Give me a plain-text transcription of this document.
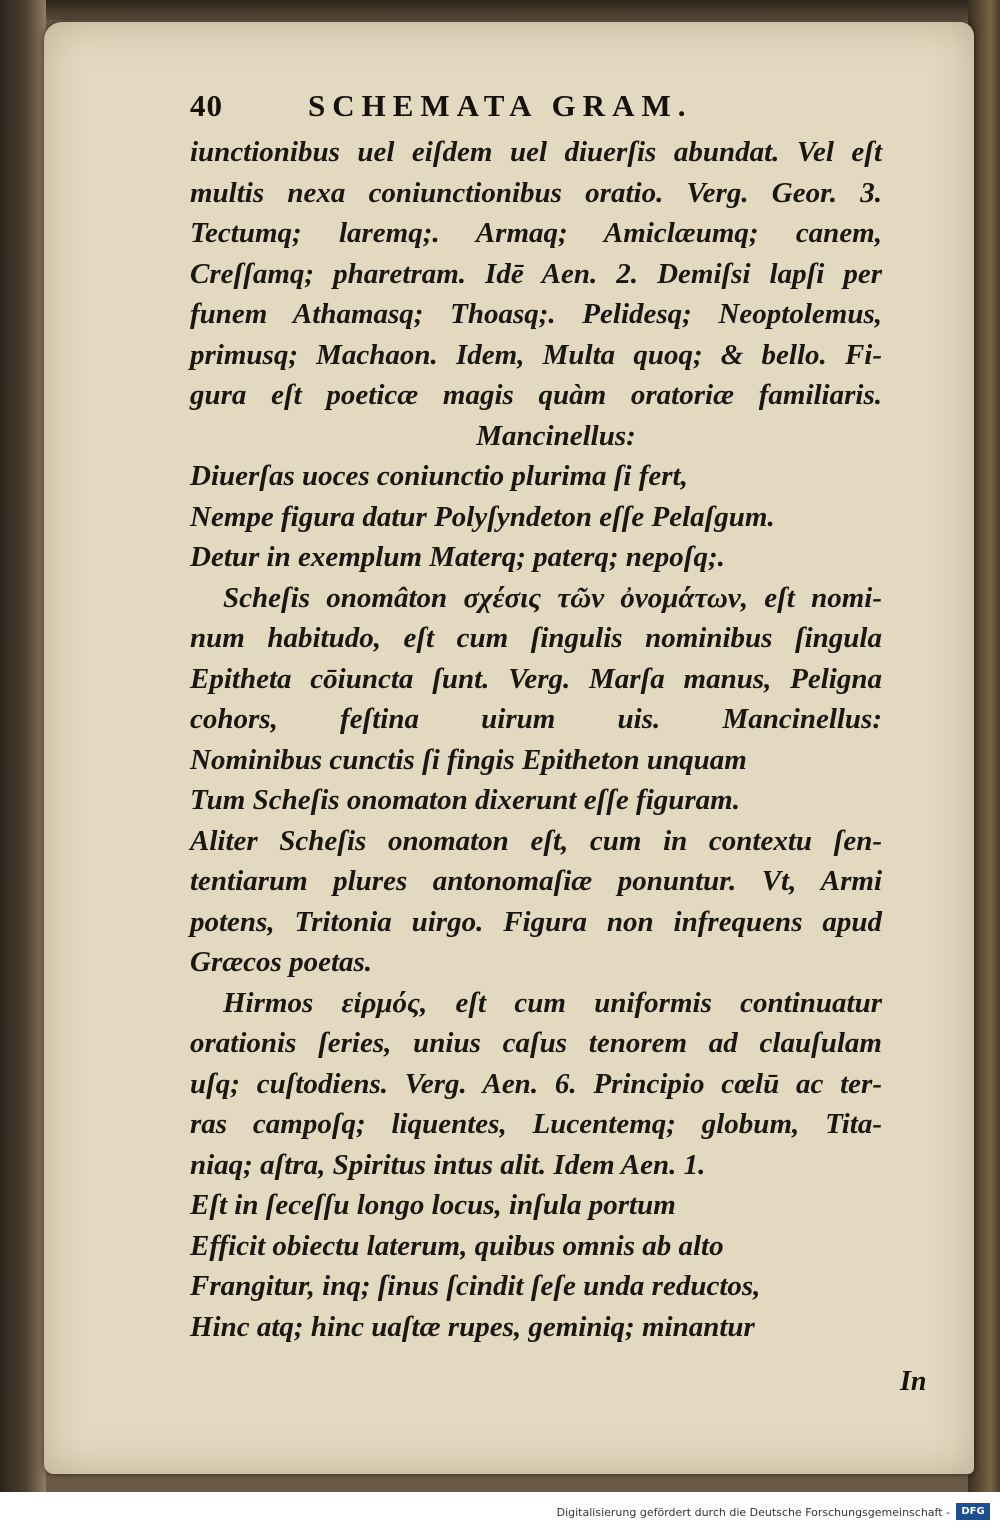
40	SCHEMATA GRAM.
iunctionibus uel eiſdem uel diuerſis abundat. Vel eſt
multis nexa coniunctionibus oratio. Verg. Geor. 3.
Tectumq; laremq;. Armaq; Amiclæumq; canem,
Creſſamq; pharetram. Idē Aen. 2. Demiſsi lapſi per
funem Athamasq; Thoasq;. Pelidesq; Neoptolemus,
primusq; Machaon. Idem, Multa quoq; & bello. Fi-
gura eſt poeticæ magis quàm oratoriæ familiaris.
Mancinellus:
Diuerſas uoces coniunctio plurima ſi fert,
Nempe figura datur Polyſyndeton eſſe Pelaſgum.
Detur in exemplum Materq; paterq; nepoſq;.
Scheſis onomâton σχέσις τῶν ὀνομάτων, eſt nomi-
num habitudo, eſt cum ſingulis nominibus ſingula
Epitheta cōiuncta ſunt. Verg. Marſa manus, Peligna
cohors, feſtina uirum uis. Mancinellus:
Nominibus cunctis ſi fingis Epitheton unquam
Tum Scheſis onomaton dixerunt eſſe figuram.
Aliter Scheſis onomaton eſt, cum in contextu ſen-
tentiarum plures antonomaſiæ ponuntur. Vt, Armi
potens, Tritonia uirgo. Figura non infrequens apud
Græcos poetas.
Hirmos εἱρμός, eſt cum uniformis continuatur
orationis ſeries, unius caſus tenorem ad clauſulam
uſq; cuſtodiens. Verg. Aen. 6. Principio cœlū ac ter-
ras campoſq; liquentes, Lucentemq; globum, Tita-
niaq; aſtra, Spiritus intus alit. Idem Aen. 1.
Eſt in ſeceſſu longo locus, inſula portum
Efficit obiectu laterum, quibus omnis ab alto
Frangitur, inq; ſinus ſcindit ſeſe unda reductos,
Hinc atq; hinc uaſtæ rupes, geminiq; minantur
In
Digitalisierung gefördert durch die Deutsche Forschungsgemeinschaft -	DFG
